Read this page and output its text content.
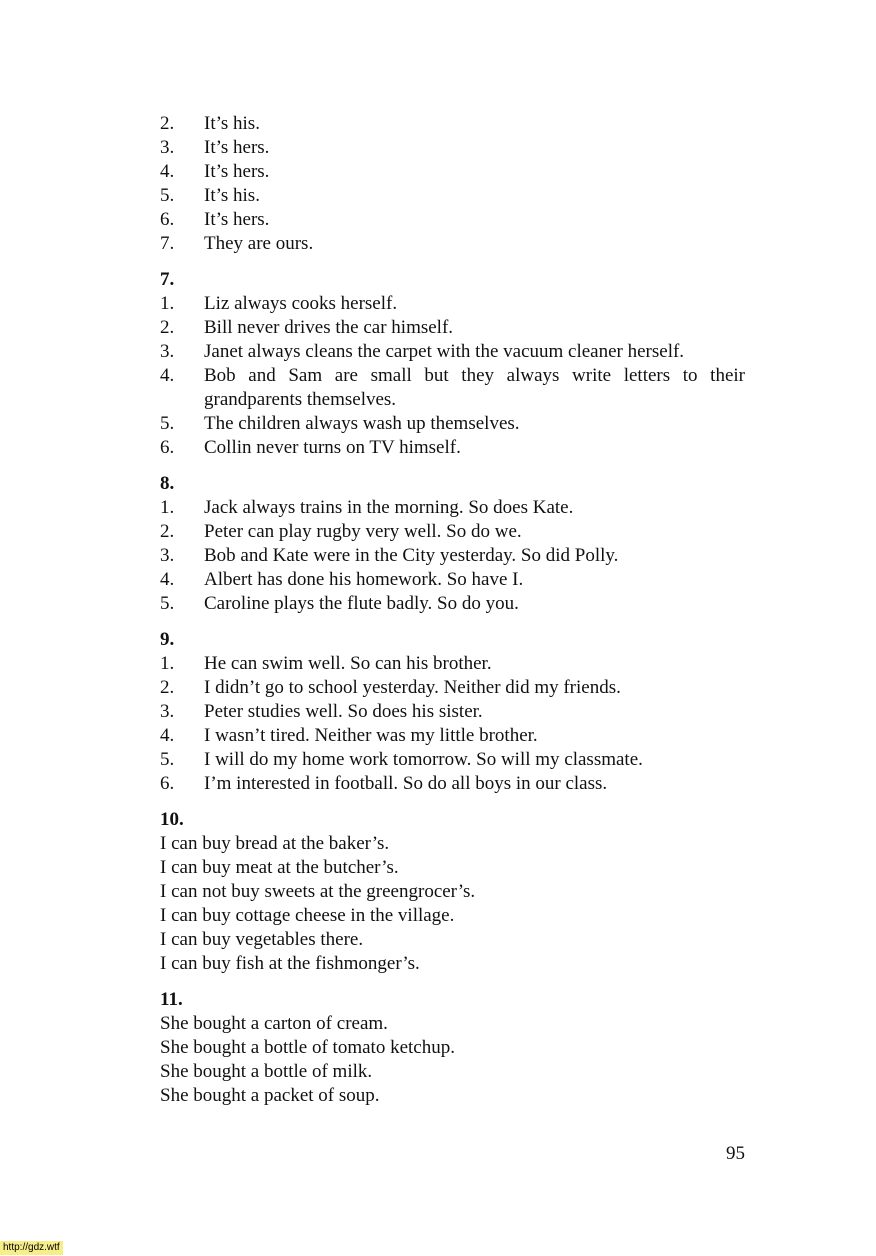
2.	It’s his.
3.	It’s hers.
4.	It’s hers.
5.	It’s his.
6.	It’s hers.
7.	They are ours.
7.
1.	Liz always cooks herself.
2.	Bill never drives the car himself.
3.	Janet always cleans the carpet with the vacuum cleaner herself.
4.	Bob and Sam are small but they always write letters to their grandparents themselves.
5.	The children always wash up themselves.
6.	Collin never turns on TV himself.
8.
1.	Jack always trains in the morning. So does Kate.
2.	Peter can play rugby very well. So do we.
3.	Bob and Kate were in the City yesterday. So did Polly.
4.	Albert has done his homework. So have I.
5.	Caroline plays the flute badly. So do you.
9.
1.	He can swim well. So can his brother.
2.	I didn’t go to school yesterday. Neither did my friends.
3.	Peter studies well. So does his sister.
4.	I wasn’t tired. Neither was my little brother.
5.	I will do my home work tomorrow. So will my classmate.
6.	I’m interested in football. So do all boys in our class.
10.
I can buy bread at the baker’s.
I can buy meat at the butcher’s.
I can not buy sweets at the greengrocer’s.
I can buy cottage cheese in the village.
I can buy vegetables there.
I can buy fish at the fishmonger’s.
11.
She bought a carton of cream.
She bought a bottle of tomato ketchup.
She bought a bottle of milk.
She bought a packet of soup.
95
http://gdz.wtf
